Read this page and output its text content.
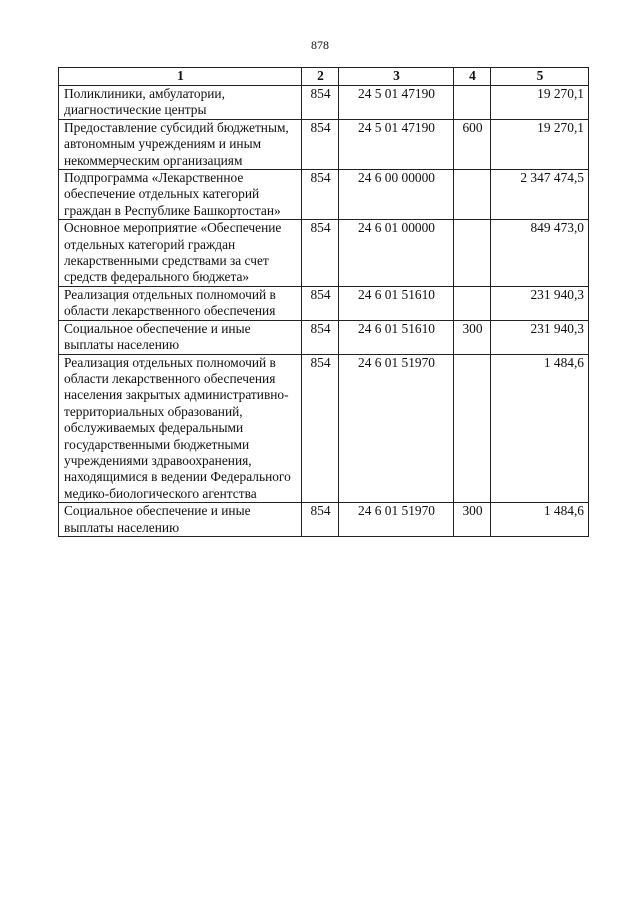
878
1	2	3	4	5
Поликлиники, амбулатории, диагностические центры	854	24 5 01 47190		19 270,1
Предоставление субсидий бюджетным, автономным учреждениям и иным некоммерческим организациям	854	24 5 01 47190	600	19 270,1
Подпрограмма «Лекарственное обеспечение отдельных категорий граждан в Республике Башкортостан»	854	24 6 00 00000		2 347 474,5
Основное мероприятие «Обеспечение отдельных категорий граждан лекарственными средствами за счет средств федерального бюджета»	854	24 6 01 00000		849 473,0
Реализация отдельных полномочий в области лекарственного обеспечения	854	24 6 01 51610		231 940,3
Социальное обеспечение и иные выплаты населению	854	24 6 01 51610	300	231 940,3
Реализация отдельных полномочий в области лекарственного обеспечения населения закрытых административно-территориальных образований, обслуживаемых федеральными государственными бюджетными учреждениями здравоохранения, находящимися в ведении Федерального медико-биологического агентства	854	24 6 01 51970		1 484,6
Социальное обеспечение и иные выплаты населению	854	24 6 01 51970	300	1 484,6
